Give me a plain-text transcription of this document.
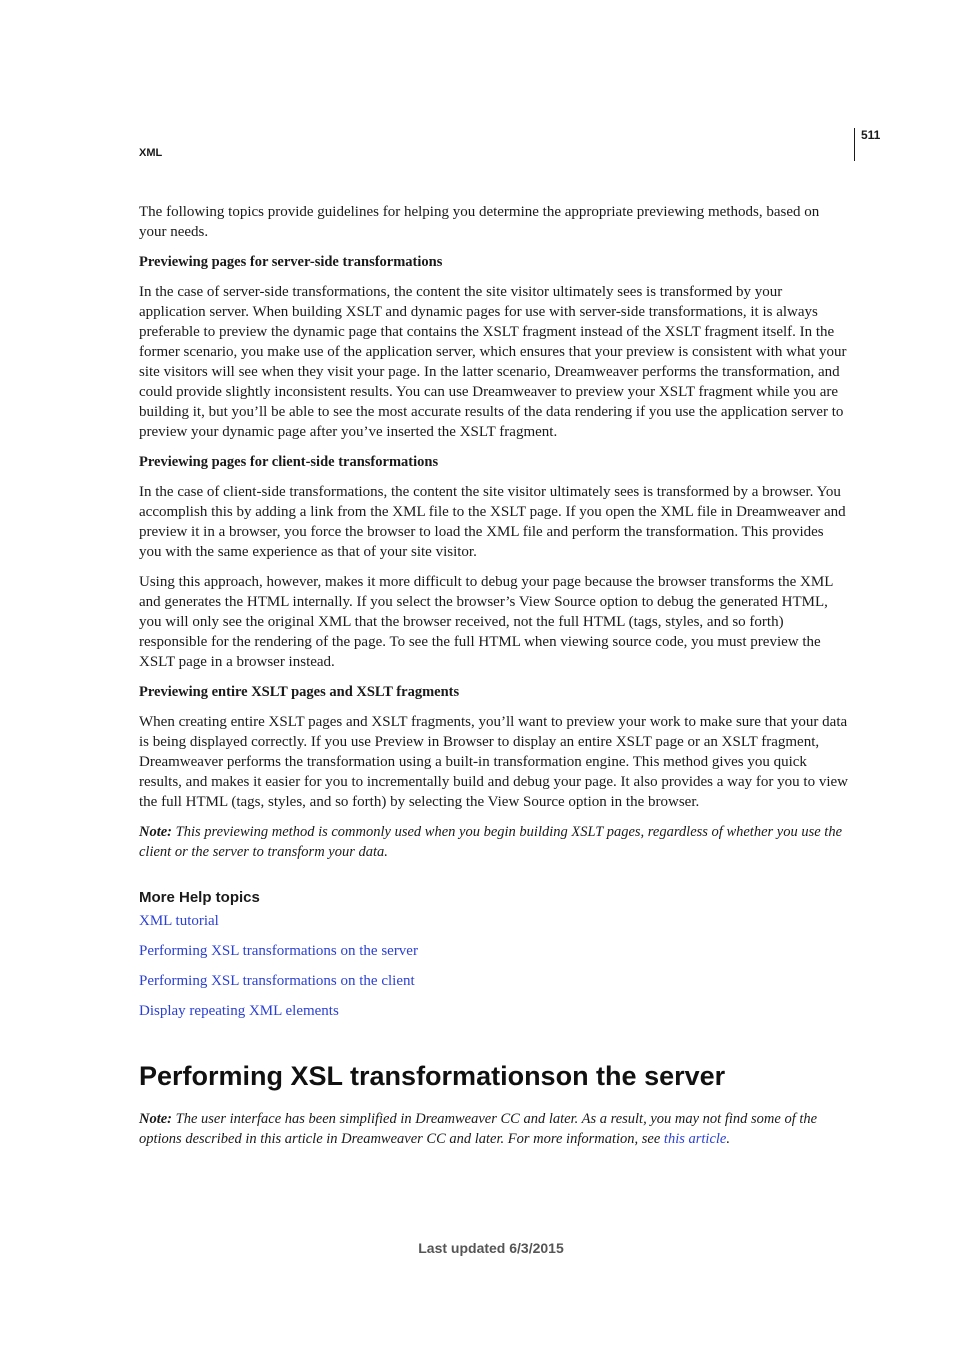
XML
511

The following topics provide guidelines for helping you determine the appropriate previewing methods, based on your needs.

Previewing pages for server-side transformations

In the case of server-side transformations, the content the site visitor ultimately sees is transformed by your application server. When building XSLT and dynamic pages for use with server-side transformations, it is always preferable to preview the dynamic page that contains the XSLT fragment instead of the XSLT fragment itself. In the former scenario, you make use of the application server, which ensures that your preview is consistent with what your site visitors will see when they visit your page. In the latter scenario, Dreamweaver performs the transformation, and could provide slightly inconsistent results. You can use Dreamweaver to preview your XSLT fragment while you are building it, but you’ll be able to see the most accurate results of the data rendering if you use the application server to preview your dynamic page after you’ve inserted the XSLT fragment.

Previewing pages for client-side transformations

In the case of client-side transformations, the content the site visitor ultimately sees is transformed by a browser. You accomplish this by adding a link from the XML file to the XSLT page. If you open the XML file in Dreamweaver and preview it in a browser, you force the browser to load the XML file and perform the transformation. This provides you with the same experience as that of your site visitor.

Using this approach, however, makes it more difficult to debug your page because the browser transforms the XML and generates the HTML internally. If you select the browser’s View Source option to debug the generated HTML, you will only see the original XML that the browser received, not the full HTML (tags, styles, and so forth) responsible for the rendering of the page. To see the full HTML when viewing source code, you must preview the XSLT page in a browser instead.

Previewing entire XSLT pages and XSLT fragments

When creating entire XSLT pages and XSLT fragments, you’ll want to preview your work to make sure that your data is being displayed correctly. If you use Preview in Browser to display an entire XSLT page or an XSLT fragment, Dreamweaver performs the transformation using a built-in transformation engine. This method gives you quick results, and makes it easier for you to incrementally build and debug your page. It also provides a way for you to view the full HTML (tags, styles, and so forth) by selecting the View Source option in the browser.

Note: This previewing method is commonly used when you begin building XSLT pages, regardless of whether you use the client or the server to transform your data.

More Help topics
XML tutorial
Performing XSL transformations on the server
Performing XSL transformations on the client
Display repeating XML elements
Performing XSL transformationson the server

Note: The user interface has been simplified in Dreamweaver CC and later. As a result, you may not find some of the options described in this article in Dreamweaver CC and later. For more information, see this article.

Last updated 6/3/2015
